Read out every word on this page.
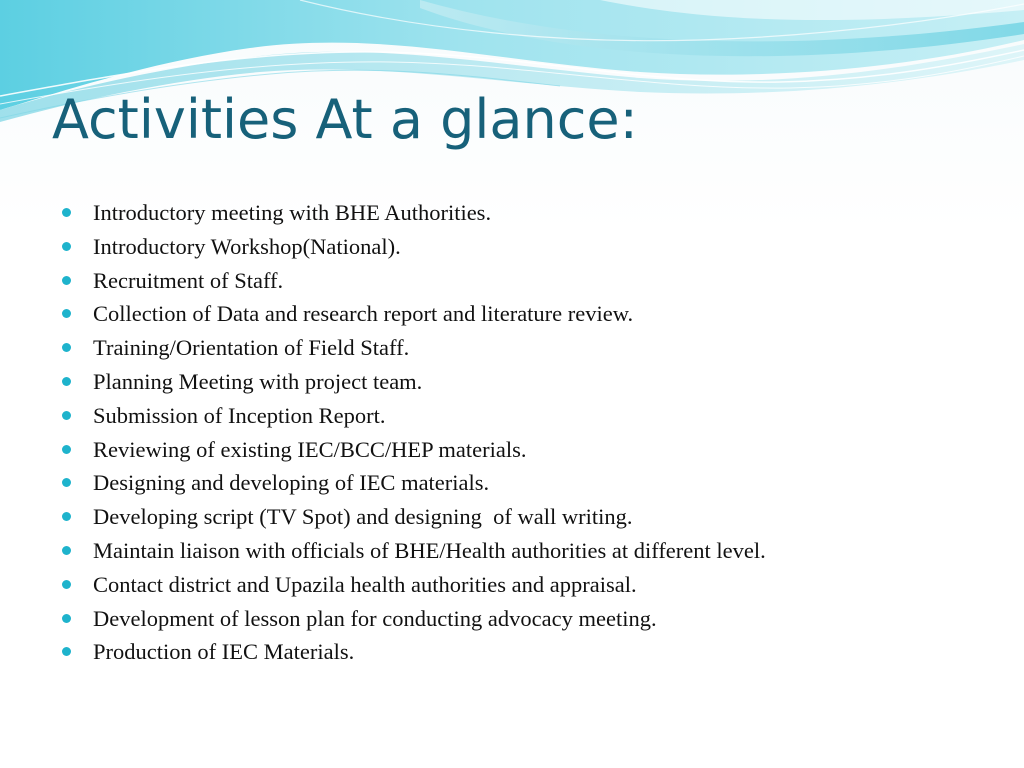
Activities At a glance:

Introductory meeting with BHE Authorities.

Introductory Workshop(National).

Recruitment of Staff.

Collection of Data and research report and literature review.

Training/Orientation of Field Staff.

Planning Meeting with project team.

Submission of Inception Report.

Reviewing of existing IEC/BCC/HEP materials.

Designing and developing of IEC materials.

Developing script (TV Spot) and designing  of wall writing.

Maintain liaison with officials of BHE/Health authorities at different level.

Contact district and Upazila health authorities and appraisal.

Development of lesson plan for conducting advocacy meeting.

Production of IEC Materials.
